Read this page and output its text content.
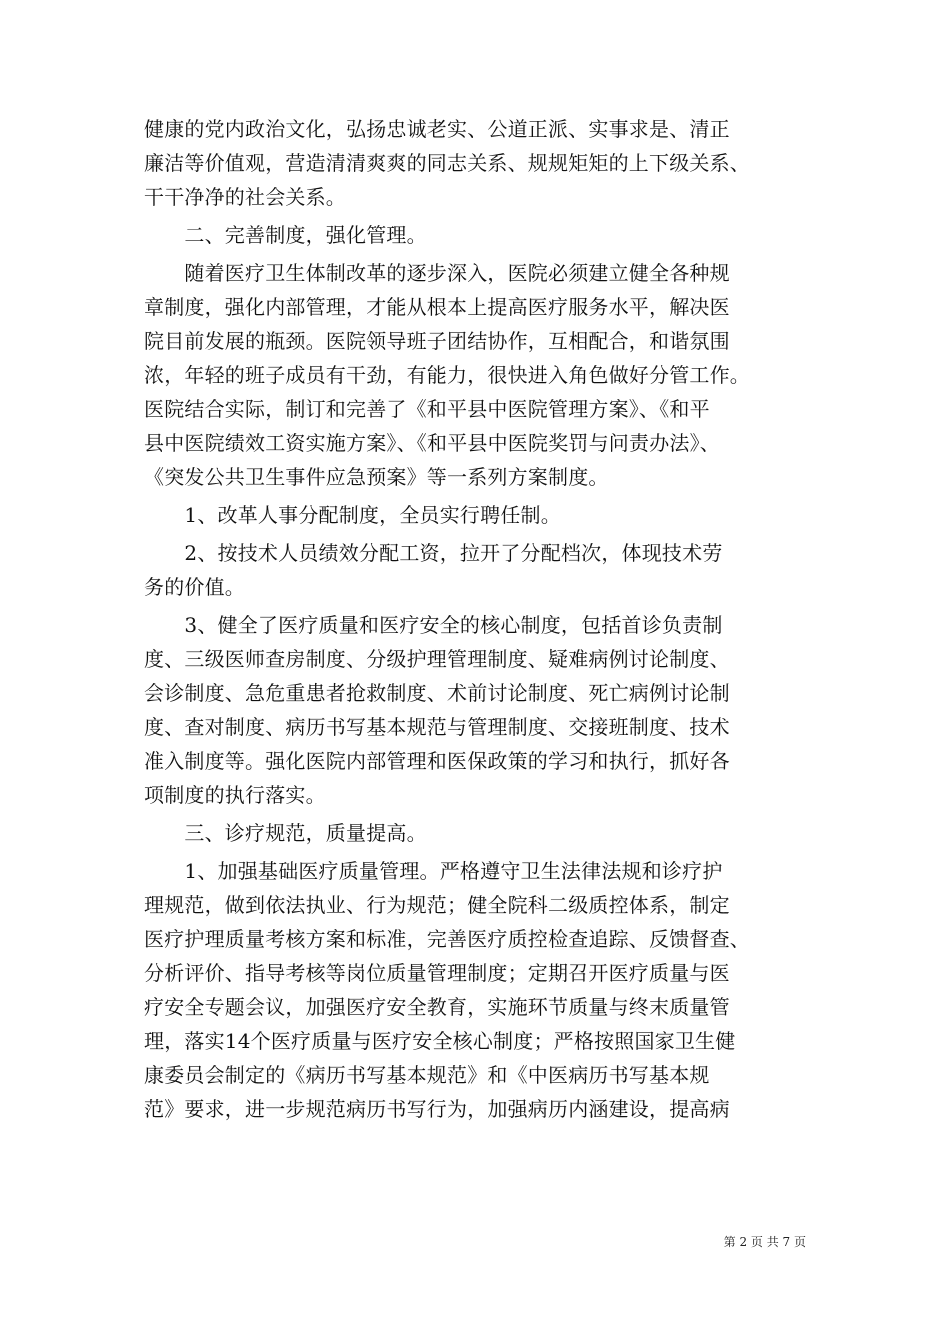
健康的党内政治文化，弘扬忠诚老实、公道正派、实事求是、清正
廉洁等价值观，营造清清爽爽的同志关系、规规矩矩的上下级关系、
干干净净的社会关系。
　　二、完善制度，强化管理。
　　随着医疗卫生体制改革的逐步深入，医院必须建立健全各种规
章制度，强化内部管理，才能从根本上提高医疗服务水平，解决医
院目前发展的瓶颈。医院领导班子团结协作，互相配合，和谐氛围
浓，年轻的班子成员有干劲，有能力，很快进入角色做好分管工作。
医院结合实际，制订和完善了《和平县中医院管理方案》、《和平
县中医院绩效工资实施方案》、《和平县中医院奖罚与问责办法》、
《突发公共卫生事件应急预案》等一系列方案制度。
　　1、改革人事分配制度，全员实行聘任制。
　　2、按技术人员绩效分配工资，拉开了分配档次，体现技术劳
务的价值。
　　3、健全了医疗质量和医疗安全的核心制度，包括首诊负责制
度、三级医师查房制度、分级护理管理制度、疑难病例讨论制度、
会诊制度、急危重患者抢救制度、术前讨论制度、死亡病例讨论制
度、查对制度、病历书写基本规范与管理制度、交接班制度、技术
准入制度等。强化医院内部管理和医保政策的学习和执行，抓好各
项制度的执行落实。
　　三、诊疗规范，质量提高。
　　1、加强基础医疗质量管理。严格遵守卫生法律法规和诊疗护
理规范，做到依法执业、行为规范；健全院科二级质控体系，制定
医疗护理质量考核方案和标准，完善医疗质控检查追踪、反馈督查、
分析评价、指导考核等岗位质量管理制度；定期召开医疗质量与医
疗安全专题会议，加强医疗安全教育，实施环节质量与终末质量管
理，落实14个医疗质量与医疗安全核心制度；严格按照国家卫生健
康委员会制定的《病历书写基本规范》和《中医病历书写基本规
范》要求，进一步规范病历书写行为，加强病历内涵建设，提高病
第 2 页 共 7 页
